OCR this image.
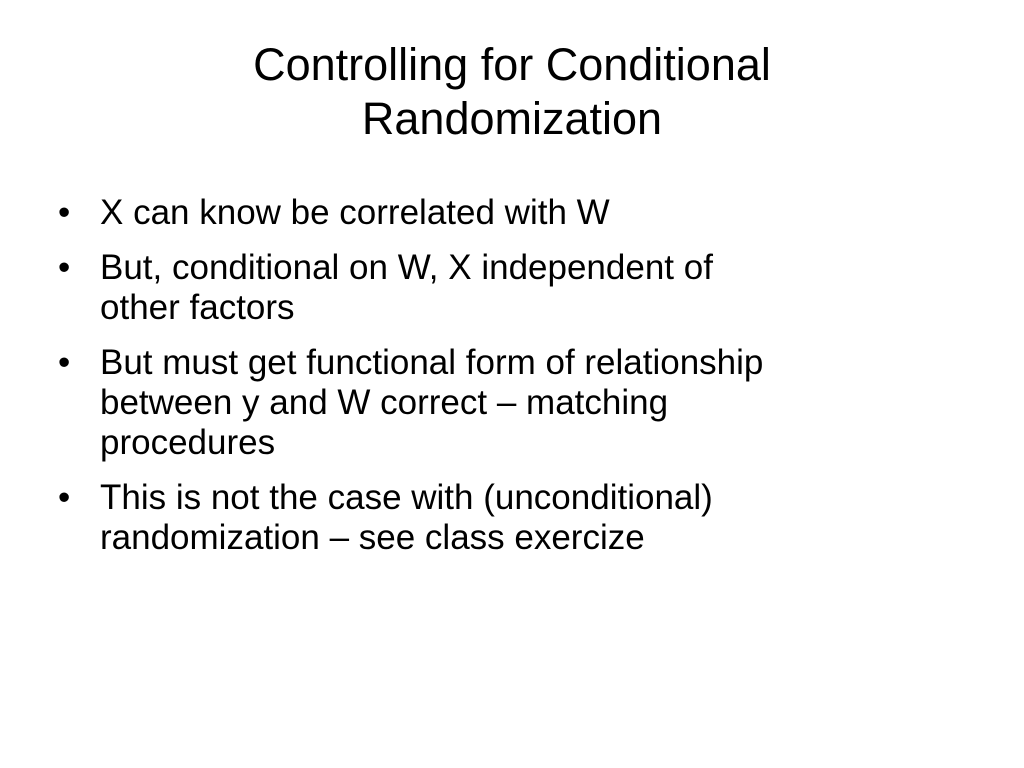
Controlling for Conditional
Randomization
• X can know be correlated with W
• But, conditional on W, X independent of
other factors
• But must get functional form of relationship
between y and W correct – matching
procedures
• This is not the case with (unconditional)
randomization – see class exercize
